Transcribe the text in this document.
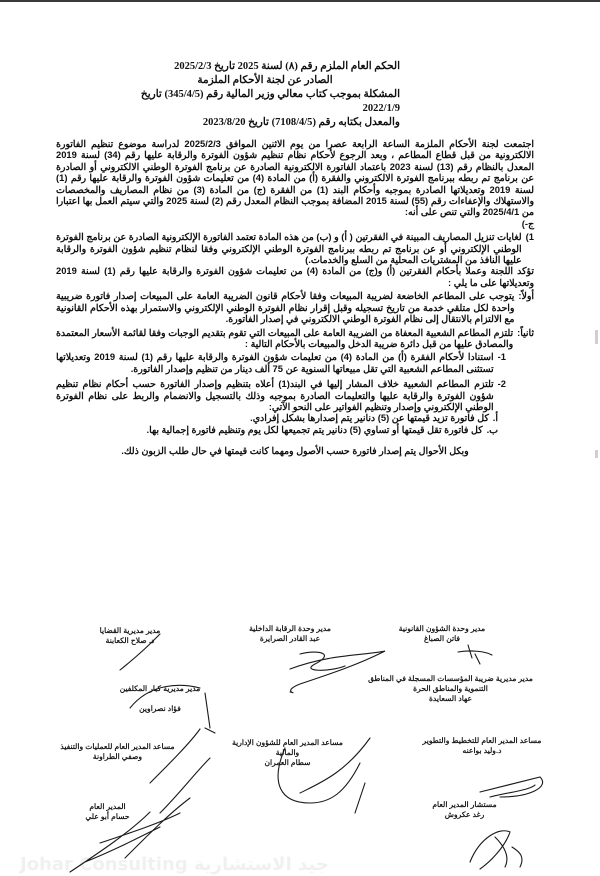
الحكم العام الملزم رقم (٨) لسنة 2025 تاريخ 2025/2/3
الصادر عن لجنة الأحكام الملزمة
المشكلة بموجب كتاب معالي وزير المالية رقم (345/4/5) تاريخ 2022/1/9
والمعدل بكتابه رقم (7108/4/5) تاريخ 2023/8/20

اجتمعت لجنة الأحكام الملزمة الساعة الرابعة عصرا من يوم الاثنين الموافق 2025/2/3 لدراسة موضوع تنظيم الفاتورة الالكترونية من قبل قطاع المطاعم ، وبعد الرجوع لأحكام نظام تنظيم شؤون الفوترة والرقابة عليها رقم (34) لسنة 2019 المعدل بالنظام رقم (13) لسنة 2023 باعتماد الفاتورة الالكترونية الصادرة عن برنامج الفوترة الوطني الالكتروني أو الصادرة عن برنامج تم ربطه ببرنامج الفوترة الالكتروني والفقرة (أ) من المادة (4) من تعليمات شؤون الفوترة والرقابة عليها رقم (1) لسنة 2019 وتعديلاتها الصادرة بموجبه وأحكام البند (1) من الفقرة (ج) من المادة (3) من نظام المصاريف والمخصصات والاستهلاك والإعفاءات رقم (55) لسنة 2015 المضافة بموجب النظام المعدل رقم (2) لسنة 2025 والتي سيتم العمل بها اعتبارا من 2025/4/1 والتي تنص على أنه:

ج-)

1)
لغايات تنزيل المصاريف المبينة في الفقرتين ( أ) و (ب) من هذه المادة تعتمد الفاتورة الإلكترونية الصادرة عن برنامج الفوترة الوطني الإلكتروني أو عن برنامج تم ربطه ببرنامج الفوترة الوطني الإلكتروني وفقا لنظام تنظيم شؤون الفوترة والرقابة عليها النافذ من المشتريات المحلية من السلع والخدمات.)

تؤكد اللجنة وعملا بأحكام الفقرتين (أ) و(ج) من المادة (4) من تعليمات شؤون الفوترة والرقابة عليها رقم (1) لسنة 2019 وتعديلاتها على ما يلي :

أولاً:
يتوجب على المطاعم الخاضعة لضريبة المبيعات وفقا لأحكام قانون الضريبة العامة على المبيعات إصدار فاتورة ضريبية واحدة لكل متلقي خدمة من تاريخ تسجيله وقبل إقرار نظام الفوترة الوطني الإلكتروني والاستمرار بهذه الأحكام القانونية مع الالتزام بالانتقال إلى نظام الفوترة الوطني الالكتروني في إصدار الفاتورة.
ثانياً:
تلتزم المطاعم الشعبية المعفاة من الضريبة العامة على المبيعات التي تقوم بتقديم الوجبات وفقا لقائمة الأسعار المعتمدة والمصادق عليها من قبل دائرة ضريبة الدخل والمبيعات بالأحكام التالية :
1-
استنادا لأحكام الفقرة (أ) من المادة (4) من تعليمات شؤون الفوترة والرقابة عليها رقم (1) لسنة 2019 وتعديلاتها تستثنى المطاعم الشعبية التي تقل مبيعاتها السنوية عن 75 ألف دينار من تنظيم وإصدار الفاتورة.
2-
تلتزم المطاعم الشعبية خلاف المشار إليها في البند(1) أعلاه بتنظيم وإصدار الفاتورة حسب أحكام نظام تنظيم شؤون الفوترة والرقابة عليها والتعليمات الصادرة بموجبه وذلك بالتسجيل والانضمام والربط على نظام الفوترة الوطني الإلكتروني وإصدار وتنظيم الفواتير على النحو الآتي:
أ.
كل فاتورة تزيد قيمتها عن (5) دنانير يتم إصدارها بشكل إفرادي.
ب.
كل فاتورة تقل قيمتها أو تساوي (5) دنانير يتم تجميعها لكل يوم وتنظيم فاتورة إجمالية بها.

وبكل الأحوال يتم إصدار فاتورة حسب الأصول ومهما كانت قيمتها في حال طلب الزبون ذلك.

مدير وحدة الشؤون القانونية
فاتن الصباغ
مدير وحدة الرقابة الداخلية
عبد القادر الصرايرة
مدير مديرية القضايا
د. صلاح الكعابنة
مدير مديرية ضريبة المؤسسات المسجلة في المناطق التنموية والمناطق الحرة
عهاد السعايدة
مدير مديرية كبار المكلفين
فؤاد نصراوين
مساعد المدير العام للتخطيط والتطوير
د.وليد بواعنه
مساعد المدير العام للشؤون الإدارية والمالية
سطام العمران
مساعد المدير العام للعمليات والتنفيذ
وصفي الطراونة
مستشار المدير العام
رغد عكروش
المدير العام
حسام أبو علي
Johar Consulting جيد الاستشارية
